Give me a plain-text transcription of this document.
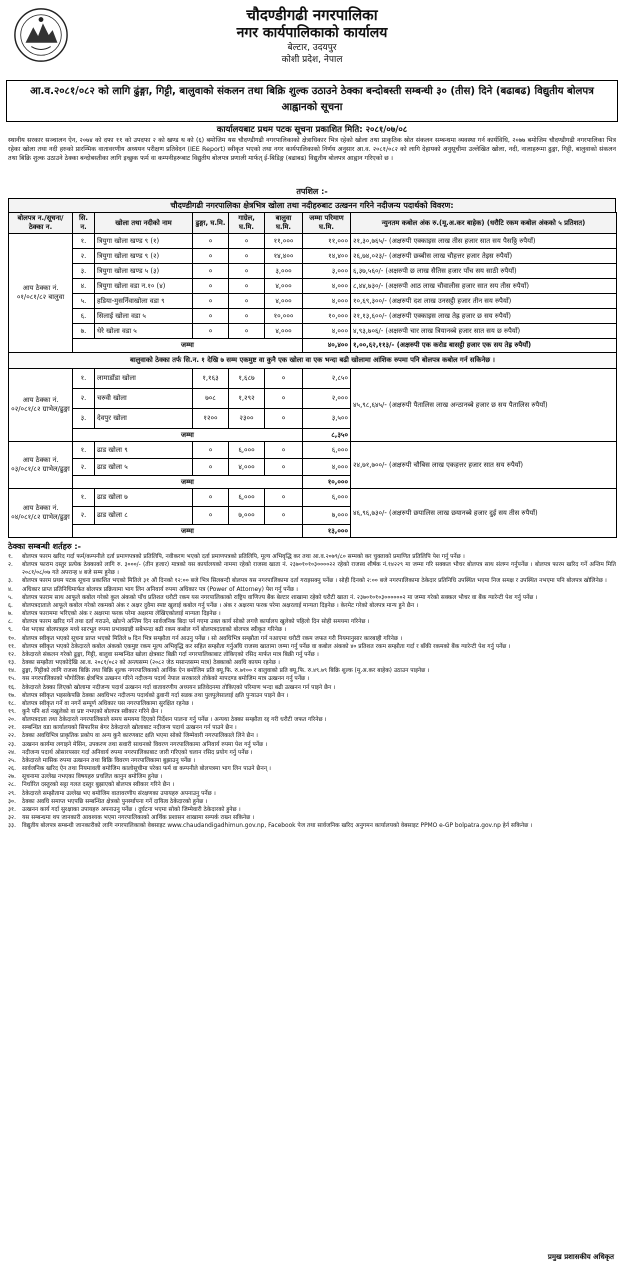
चौदण्डीगढी नगरपालिका
नगर कार्यपालिकाको कार्यालय
बेल्टार, उदयपुर
कोशी प्रदेश, नेपाल
आ.व.२०८१/०८२ को लागि ढुंङ्गा, गिट्टी, बालुवाको संकलन तथा बिक्रि शुल्क उठाउने ठेक्का बन्दोबस्ती सम्बन्धी ३० (तीस) दिने (बढाबढ) विद्युतीय बोलपत्र आह्वानको सूचना
कार्यालयबाट प्रथम पटक सूचना प्रकाशित मिति: २०८१/०७/०८
स्थानीय सरकार सञ्चालन ऐन, २०७४ को दफा ११ को उपदफा २ को खण्ड थ को (६) बमोजिम यस चौदण्डीगढी नगरपालिकाको क्षेत्राधिकार भित्र रहेको खोला तथा प्राकृतिक स्रोत संकलन सम्बन्धमा व्यवस्था गर्न कार्यविधि, २०७७ बमोजिम चौदण्डीगढी नगरपालिका भित्र रहेका खोला तथा नदी हरुको प्रारम्भिक वातावरणीय अध्ययन परीक्षण प्रतिवेदन (IEE Report) स्वीकृत भएको तथा नगर कार्यपालिकाको निर्णय अनुसार आ.व. २०८१/०८२ को लागि देहायको अनुसूचीमा उल्लेखित खोला, नदी, नालाहरूमा ढुङ्गा, गिट्टी, बालुवाको संकलन तथा बिक्रि शुल्क उठाउने ठेक्का बन्दोबस्तीका लागि इच्छुक फर्म वा कम्पनीहरूबाट विद्युतीय बोलपत्र प्रणाली मार्फत् ई-बिडिङ्ग (बढाबढ) विद्युतीय बोलपत्र आह्वान गरिएको छ ।
तपशिल :-
चौदण्डीगढी नगरपालिका क्षेत्रभित्र खोला तथा नदीहरुबाट उत्खनन गरिने नदीजन्य पदार्थको विवरण:
बोलपत्र न./सूचना/ठेक्का न.	सि. न.	खोला तथा नदीको नाम	ढुङ्गा, घ.मि.	गाग्रेल, घ.मि.	बालुवा घ.मि.	जम्मा परिमाण घ.मि.	न्युनतम कबोल अंक रु.(मू.अ.कर बाहेक) (धरौटि रकम कबोल अंकको ५ प्रतिशत)
आय ठेक्का नं. ०१/०८१/८२ बालुवा	१.	त्रियुगा खोला खण्ड ९ (१)	०	०	११,०००	११,०००	२१,३०,७६५/- (अक्षरुपी एक्काइस लाख तीस हजार सात सय पैसठ्ठि रुपैयाँ)
	२.	त्रियुगा खोला खण्ड ९ (२)	०	०	१४,४००	१४,४००	२६,७४,०२३/- (अक्षरुपी छब्बीस लाख चौहत्तर हजार तेइस रुपैयाँ)
	३.	त्रियुगा खोला खण्ड ५ (३)	०	०	३,०००	३,०००	६,३७,५६०/- (अक्षरुपी छ लाख सैतिस हजार पाँच सय साठी रुपैयाँ)
	४.	त्रियुगा खोला वडा न.१० (४)	०	०	४,०००	४,०००	८,४४,७३०/- (अक्षरुपी आठ लाख चौवालीस हजार सात सय तीस रुपैयाँ)
	५.	हडिया-मुसर्निवाखोला वडा ९	०	०	४,०००	४,०००	१०,६९,३००/- (अक्षरुपी दश लाख उनसट्ठी हजार तीन सय रुपैयाँ)
	६.	सिलाई खोला वडा ५	०	०	१०,०००	१०,०००	२१,१३,६००/- (अक्षरुपी एक्काइस लाख तेह्र हजार छ सय रुपैयाँ)
	७.	धेरे खोला वडा ५	०	०	४,०००	४,०००	४,९३,७०६/- (अक्षरुपी चार लाख त्रियानब्बे हजार सात सय छ रुपैयाँ)
	जम्मा					४०,४००	१,००,६२,११३/- (अक्षरुपी एक करोड बासट्ठी हजार एक सय तेह्र रुपैयाँ)
बालुवाको ठेक्का तर्फ सि.न. १ देखि ७ सम्म एकमुष्ट वा कुनै एक खोला वा एक भन्दा बढी खोलामा आंशिक रुपमा पनि बोलपत्र कबोल गर्न सकिनेछ ।							
आय ठेक्का नं. ०२/०८१/८२ ग्राभेल/ढुङ्गा	१.	लामाडाँडा खोला	१,१६३	१,६८७	०	२,८५०	४५,९८,६४५/- (अक्षरुपी पैतालिस लाख अन्ठानब्बे हजार छ सय पैतालिस रुपैयाँ)
	२.	चरुवी खोला	७०८	१,२९२	०	२,०००	
	३.	देवपुर खोला	१२००	२३००	०	३,५००	
	जम्मा					८,३५०	
आय ठेक्का नं. ०३/०८१/८२ ग्राभेल/ढुङ्गा	१.	ढाड खोला ९	०	६,०००	०	६,०००	२४,७१,७००/- (अक्षरुपी चौबिस लाख एकहत्तर हजार सात सय रुपैयाँ)
	२.	ढाड खोला ५	०	४,०००	०	४,०००	
	जम्मा					१०,०००	
आय ठेक्का नं. ०४/०८१/८२ ग्राभेल/ढुङ्गा	१.	ढाड खोला ७	०	६,०००	०	६,०००	४६,९६,७३०/- (अक्षरुपी छयालिस लाख छयानब्बे हजार दुई सय तीस रुपैयाँ)
	२.	ढाड खोला ८	०	७,०००	०	७,०००	
	जम्मा					१३,०००	
ठेक्का सम्बन्धी शर्तहरु :-
१.	बोलपत्र फारम खरिद गर्दा फर्म/कम्पनीले दर्ता प्रमाणपत्रको प्रतिलिपि, नवीकरण भएको दर्ता प्रमाणपत्रको प्रतिलिपि, मूल्य अभिवृद्धि कर तथा आ.व.२०७९/८० सम्मको कर चुक्ताको प्रमाणित प्रतिलिपि पेश गर्नु पर्नेछ ।
२.	बोलपत्र फाराम दस्तुर प्रत्येक ठेक्काको लागि रु. ३०००/- (तीन हजार) मात्रको यस कार्यालयको नाममा रहेको राजस्व खाता नं. २३७०१०१०३००००२२ रहेको राजस्व शीर्षक नं.१४२२९ मा जम्मा गरि सक्कल भौचर बोलपत्र साथ संलग्न गर्नुपर्नेछ । बोलपत्र फारम खरिद गर्ने अन्तिम मिति २०८१/०८/०७ गते अपरान्ह ४ बजे सम्म हुनेछ ।
३.	बोलपत्र फारम प्रथम पटक सूचना प्रकाशित भएको मितिले ३१ औं दिनको १२:०० बजे भित्र सिलबन्दी बोलपत्र यस नगरपालिकामा दर्ता गराइसक्नु पर्नेछ । सोही दिनको २:०० बजे नगरपालिकामा ठेकेदार प्रतिनिधि उपस्थित भएमा निज समक्ष र उपस्थित नभएमा पनि बोलपत्र खोलिनेछ ।
४.	अधिकार प्राप्त प्रतिनिधिमार्फत बोलपत्र प्रक्रियामा भाग लिन अनिवार्य रुपमा अधिकार पत्र (Power of Attorney) पेश गर्नु पर्नेछ ।
५.	बोलपत्र फाराम साथ आफूले कबोल गरेको कुल अंकको पाँच प्रतिशत धरौटी रकम यस नगरपालिकाको राष्ट्रिय वाणिज्य बैंक बेल्टार शाखामा रहेको धरौटी खाता नं. २३७०१०१०३००००००२ मा जम्मा गरेको सक्कल भौचर वा बैंक ग्यारेन्टी पेश गर्नु पर्नेछ ।
६.	बोलपत्रदाताले आफूले कबोल गरेको रकमको अंक र अक्षर दुवैमा स्पष्ट खुलाई कबोल गर्नु पर्नेछ । अंक र अक्षरमा फरक परेमा अक्षरलाई मान्यता दिइनेछ । केरमेट गरेको बोलपत्र मान्य हुने छैन ।
७.	बोलपत्र फाराममा भरिएको अंक र अक्षरमा फरक परेमा अक्षरमा लेखिएकोलाई मान्यता दिइनेछ ।
८.	बोलपत्र फारम खरिद गर्ने तथा दर्ता गराउने, खोल्ने अन्तिम दिन सार्वजनिक बिदा पर्न गएमा उक्त कार्य सोको लगत्तै कार्यालय खुलेको पहिलो दिन सोही समयमा गरिनेछ ।
९.	पेश भएका बोलपत्रहरु मध्ये सारभूत रुपमा प्रभावग्राही सबैभन्दा बढी रकम कबोल गर्ने बोलपत्रदाताको बोलपत्र स्वीकृत गरिनेछ ।
१०.	बोलपत्र स्वीकृत भएको सूचना प्राप्त भएको मितिले ७ दिन भित्र सम्झौता गर्न आउनु पर्नेछ । सो अवधिभित्र सम्झौता गर्न नआएमा धरौटी रकम जफत गरी नियमानुसार कारबाही गरिनेछ ।
११.	बोलपत्र स्वीकृत भएको ठेकेदारले कबोल अंकको एकमुष्ट रकम मूल्य अभिवृद्धि कर सहित सम्झौता गर्नुअघि राजस्व खातामा जम्मा गर्नु पर्नेछ वा कबोल अंकको ४० प्रतिशत रकम सम्झौता गर्दा र बाँकी रकमको बैंक ग्यारेन्टी पेश गर्नु पर्नेछ ।
१२.	ठेकेदारले संकलन गरेको ढुङ्गा, गिट्टी, बालुवा सम्बन्धित खोला क्षेत्रबाट बिक्री गर्दा नगरपालिकाबाट तोकिएको रसिद मार्फत मात्र बिक्री गर्नु पर्नेछ ।
१३.	ठेक्का सम्झौता भएकोदेखि आ.व. २०८१/०८२ को अन्त्यसम्म (२०८२ जेठ मसान्तसम्म मात्र) ठेक्काको अवधि कायम रहनेछ ।
१४.	ढुङ्गा, गिट्टीको लागि राजस्व बिक्रि तथा बिक्रि शुल्क नगरपालिकाको आर्थिक ऐन बमोजिम प्रति क्यू.फि. रु.७१०० र बालुवाको प्रति क्यू.फि. रु.४९.७९ बिक्रि शुल्क (मू.अ.कर बाहेक) उठाउन पाइनेछ ।
१५.	यस नगरपालिकाको भौगोलिक क्षेत्रभित्र उत्खनन गरिने नदीजन्य पदार्थ नेपाल सरकारले तोकेको मापदण्ड बमोजिम मात्र उत्खनन गर्नु पर्नेछ ।
१६.	ठेकेदारले ठेक्का लिएको खोलामा नदीजन्य पदार्थ उत्खनन गर्दा वातावरणीय अध्ययन प्रतिवेदनमा तोकिएको परिमाण भन्दा बढी उत्खनन गर्न पाइने छैन ।
१७.	बोलपत्र स्वीकृत भइसकेपछि ठेक्का अवधिभर नदीजन्य पदार्थको ढुवानी गर्दा सडक तथा पुलपुलेसालाई क्षति पुर्‍याउन पाइने छैन ।
१८.	बोलपत्र स्वीकृत गर्ने वा नगर्ने सम्पूर्ण अधिकार यस नगरपालिकामा सुरक्षित रहनेछ ।
१९.	कुनै पनि शर्त नखुलेको वा प्रष्ट नभएको बोलपत्र स्वीकार गरिने छैन ।
२०.	बोलपत्रदाता तथा ठेकेदारले नगरपालिकाले समय समयमा दिएको निर्देशन पालना गर्नु पर्नेछ । अन्यथा ठेक्का सम्झौता रद्द गरी धरौटी जफत गरिनेछ ।
२१.	सम्बन्धित वडा कार्यालयको सिफारिस बेगर ठेकेदारले खोलाबाट नदीजन्य पदार्थ उत्खनन गर्न पाउने छैन ।
२२.	ठेक्का अवधिभित्र प्राकृतिक प्रकोप वा अन्य कुनै कारणबाट क्षति भएमा सोको जिम्मेवारी नगरपालिकाले लिने छैन ।
२३.	उत्खनन कार्यमा लगाइने मेसिन, उपकरण तथा सवारी साधनको विवरण नगरपालिकामा अनिवार्य रुपमा पेश गर्नु पर्नेछ ।
२४.	नदीजन्य पदार्थ ओसारपसार गर्दा अनिवार्य रुपमा नगरपालिकाबाट जारी गरिएको चलान रसिद प्रयोग गर्नु पर्नेछ ।
२५.	ठेकेदारले मासिक रुपमा उत्खनन तथा बिक्रि विवरण नगरपालिकामा बुझाउनु पर्नेछ ।
२६.	सार्वजनिक खरिद ऐन तथा नियमावली बमोजिम कालोसूचीमा परेका फर्म वा कम्पनीले बोलपत्रमा भाग लिन पाउने छैनन् ।
२७.	सूचनामा उल्लेख नभएका विषयहरु प्रचलित कानुन बमोजिम हुनेछ ।
२८.	निर्धारित दस्तुरको सट्टा गलत दस्तुर बुझाएको बोलपत्र स्वीकार गरिने छैन ।
२९.	ठेकेदारले सम्झौतामा उल्लेख भए बमोजिम वातावरणीय संरक्षणका उपायहरु अपनाउनु पर्नेछ ।
३०.	ठेक्का अवधि समाप्त भएपछि सम्बन्धित क्षेत्रको पुनर्स्थापना गर्ने दायित्व ठेकेदारको हुनेछ ।
३१.	उत्खनन कार्य गर्दा सुरक्षाका उपायहरु अपनाउनु पर्नेछ । दुर्घटना भएमा सोको जिम्मेवारी ठेकेदारको हुनेछ ।
३२.	यस सम्बन्धमा थप जानकारी आवश्यक भएमा नगरपालिकाको आर्थिक प्रशासन शाखामा सम्पर्क राख्न सकिनेछ ।
३३.	विद्युतीय बोलपत्र सम्बन्धी जानकारीको लागि नगरपालिकाको वेबसाइट www.chaudandigadhimun.gov.np, Facebook पेज तथा सार्वजनिक खरिद अनुगमन कार्यालयको वेबसाइट PPMO e-GP bolpatra.gov.np हेर्न सकिनेछ ।
प्रमुख प्रशासकीय अधिकृत
